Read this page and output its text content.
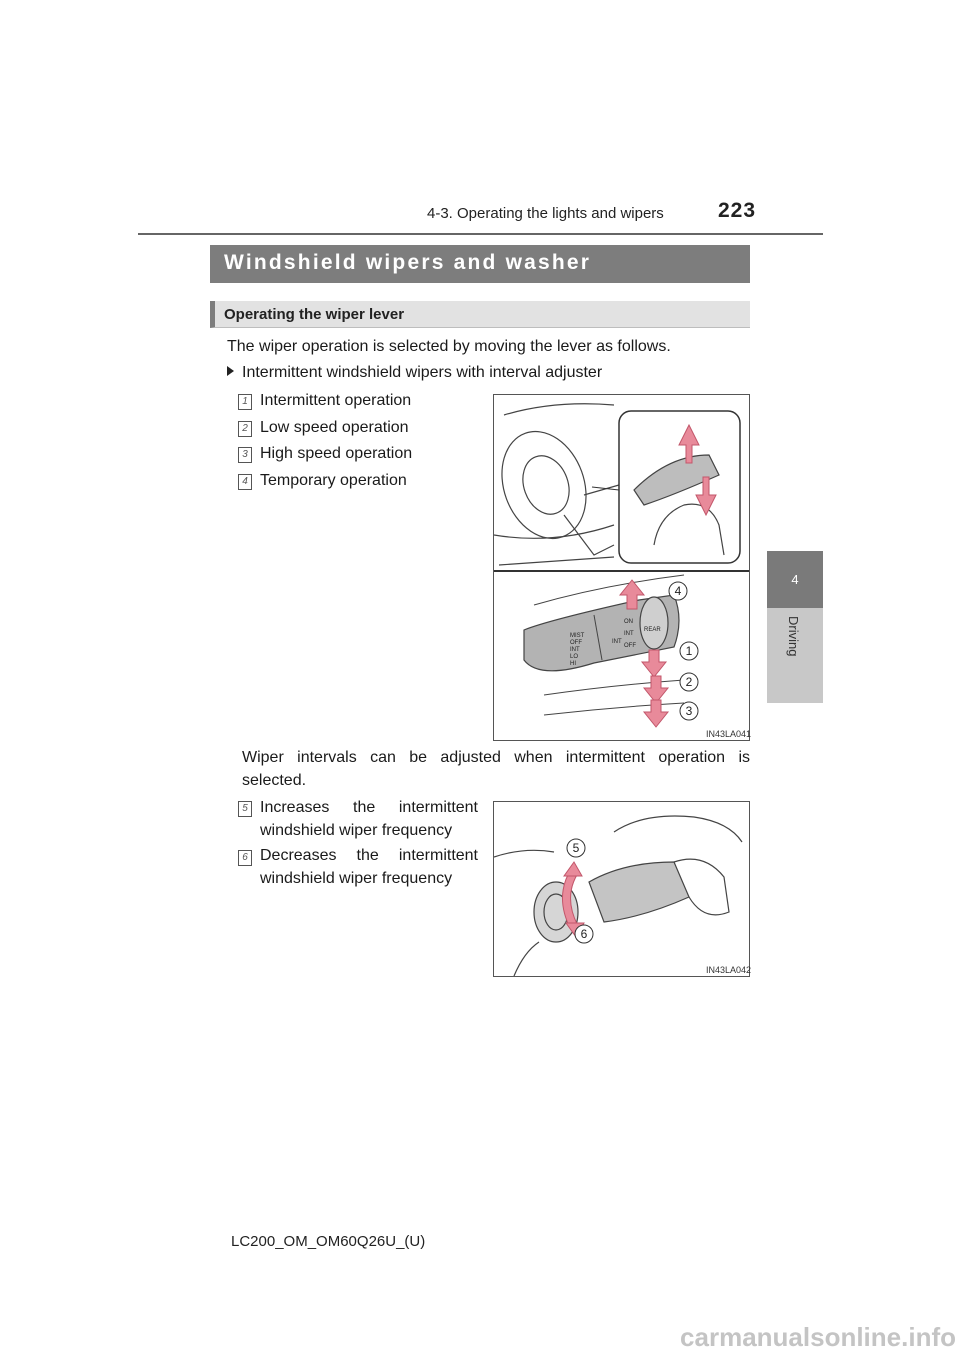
4-3. Operating the lights and wipers	223
4
Driving
Windshield wipers and washer
Operating the wiper lever
The wiper operation is selected by moving the lever as follows.
Intermittent windshield wipers with interval adjuster
1 Intermittent operation
2 Low speed operation
3 High speed operation
4 Temporary operation
MIST
OFF
INT
LO
HI
INT
ON
INT
OFF
REAR
4
1
2
3
IN43LA041
Wiper intervals can be adjusted when intermittent operation is
selected.
5 Increases the intermittent
windshield wiper frequency
6 Decreases the intermittent
windshield wiper frequency
5
6
IN43LA042
LC200_OM_OM60Q26U_(U)
carmanualsonline.info
